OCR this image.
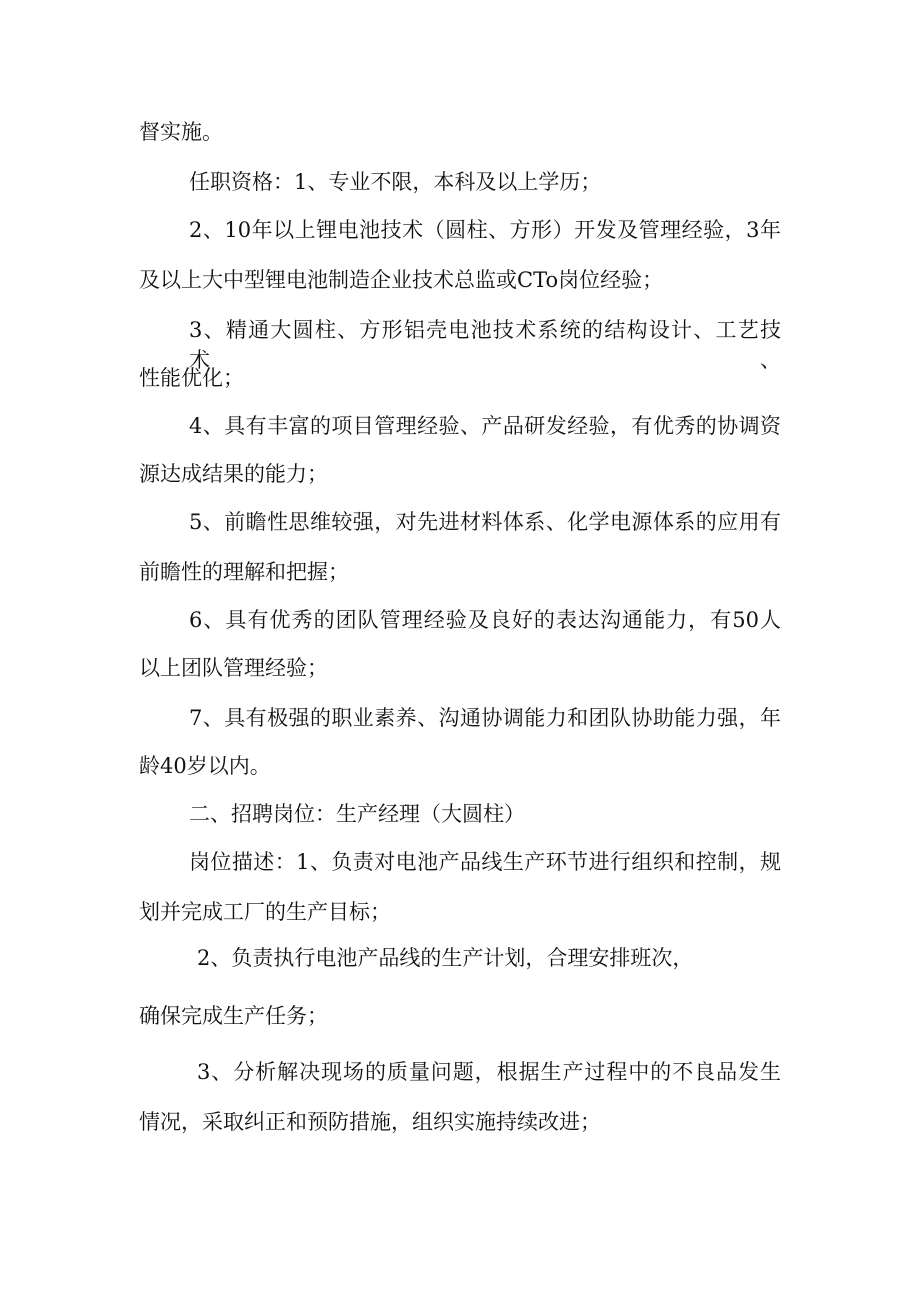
督实施。
任职资格：1、专业不限，本科及以上学历；
2、10年以上锂电池技术（圆柱、方形）开发及管理经验，3年
及以上大中型锂电池制造企业技术总监或CTo岗位经验；
3、精通大圆柱、方形铝壳电池技术系统的结构设计、工艺技术、
性能优化；
4、具有丰富的项目管理经验、产品研发经验，有优秀的协调资
源达成结果的能力；
5、前瞻性思维较强，对先进材料体系、化学电源体系的应用有
前瞻性的理解和把握；
6、具有优秀的团队管理经验及良好的表达沟通能力，有50人
以上团队管理经验；
7、具有极强的职业素养、沟通协调能力和团队协助能力强，年
龄40岁以内。
二、招聘岗位：生产经理（大圆柱）
岗位描述：1、负责对电池产品线生产环节进行组织和控制，规
划并完成工厂的生产目标；
2、负责执行电池产品线的生产计划，合理安排班次，
确保完成生产任务；
3、分析解决现场的质量问题，根据生产过程中的不良品发生
情况，采取纠正和预防措施，组织实施持续改进；
